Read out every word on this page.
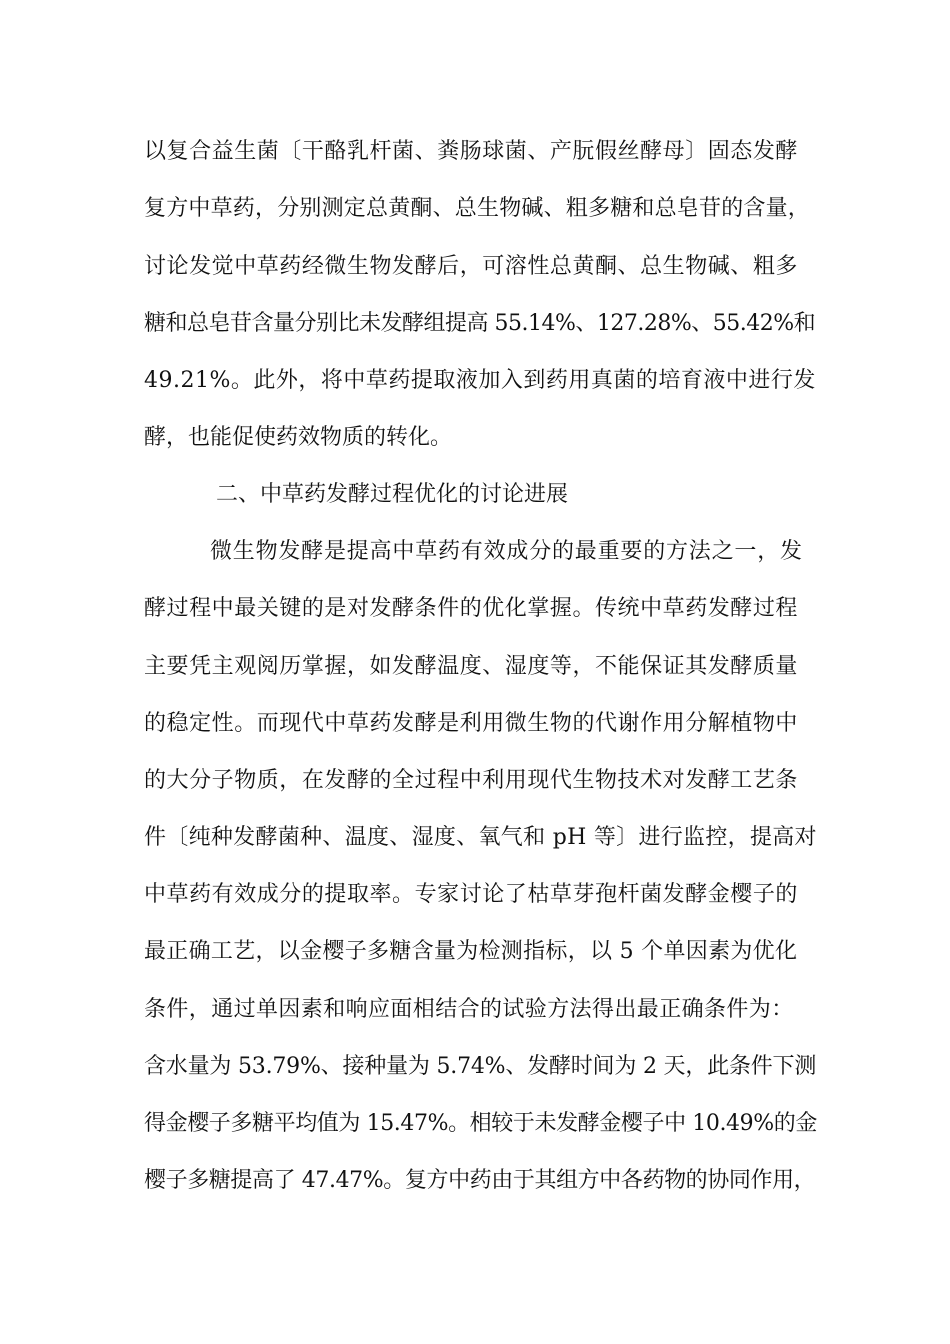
以复合益生菌〔干酪乳杆菌、粪肠球菌、产朊假丝酵母〕固态发酵
复方中草药，分别测定总黄酮、总生物碱、粗多糖和总皂苷的含量，
讨论发觉中草药经微生物发酵后，可溶性总黄酮、总生物碱、粗多
糖和总皂苷含量分别比未发酵组提高 55.14%、127.28%、55.42%和
49.21%。此外，将中草药提取液加入到药用真菌的培育液中进行发
酵，也能促使药效物质的转化。
二、中草药发酵过程优化的讨论进展
微生物发酵是提高中草药有效成分的最重要的方法之一，发
酵过程中最关键的是对发酵条件的优化掌握。传统中草药发酵过程
主要凭主观阅历掌握，如发酵温度、湿度等，不能保证其发酵质量
的稳定性。而现代中草药发酵是利用微生物的代谢作用分解植物中
的大分子物质，在发酵的全过程中利用现代生物技术对发酵工艺条
件〔纯种发酵菌种、温度、湿度、氧气和 pH 等〕进行监控，提高对
中草药有效成分的提取率。专家讨论了枯草芽孢杆菌发酵金樱子的
最正确工艺，以金樱子多糖含量为检测指标，以 5 个单因素为优化
条件，通过单因素和响应面相结合的试验方法得出最正确条件为：
含水量为 53.79%、接种量为 5.74%、发酵时间为 2 天，此条件下测
得金樱子多糖平均值为 15.47%。相较于未发酵金樱子中 10.49%的金
樱子多糖提高了 47.47%。复方中药由于其组方中各药物的协同作用，
